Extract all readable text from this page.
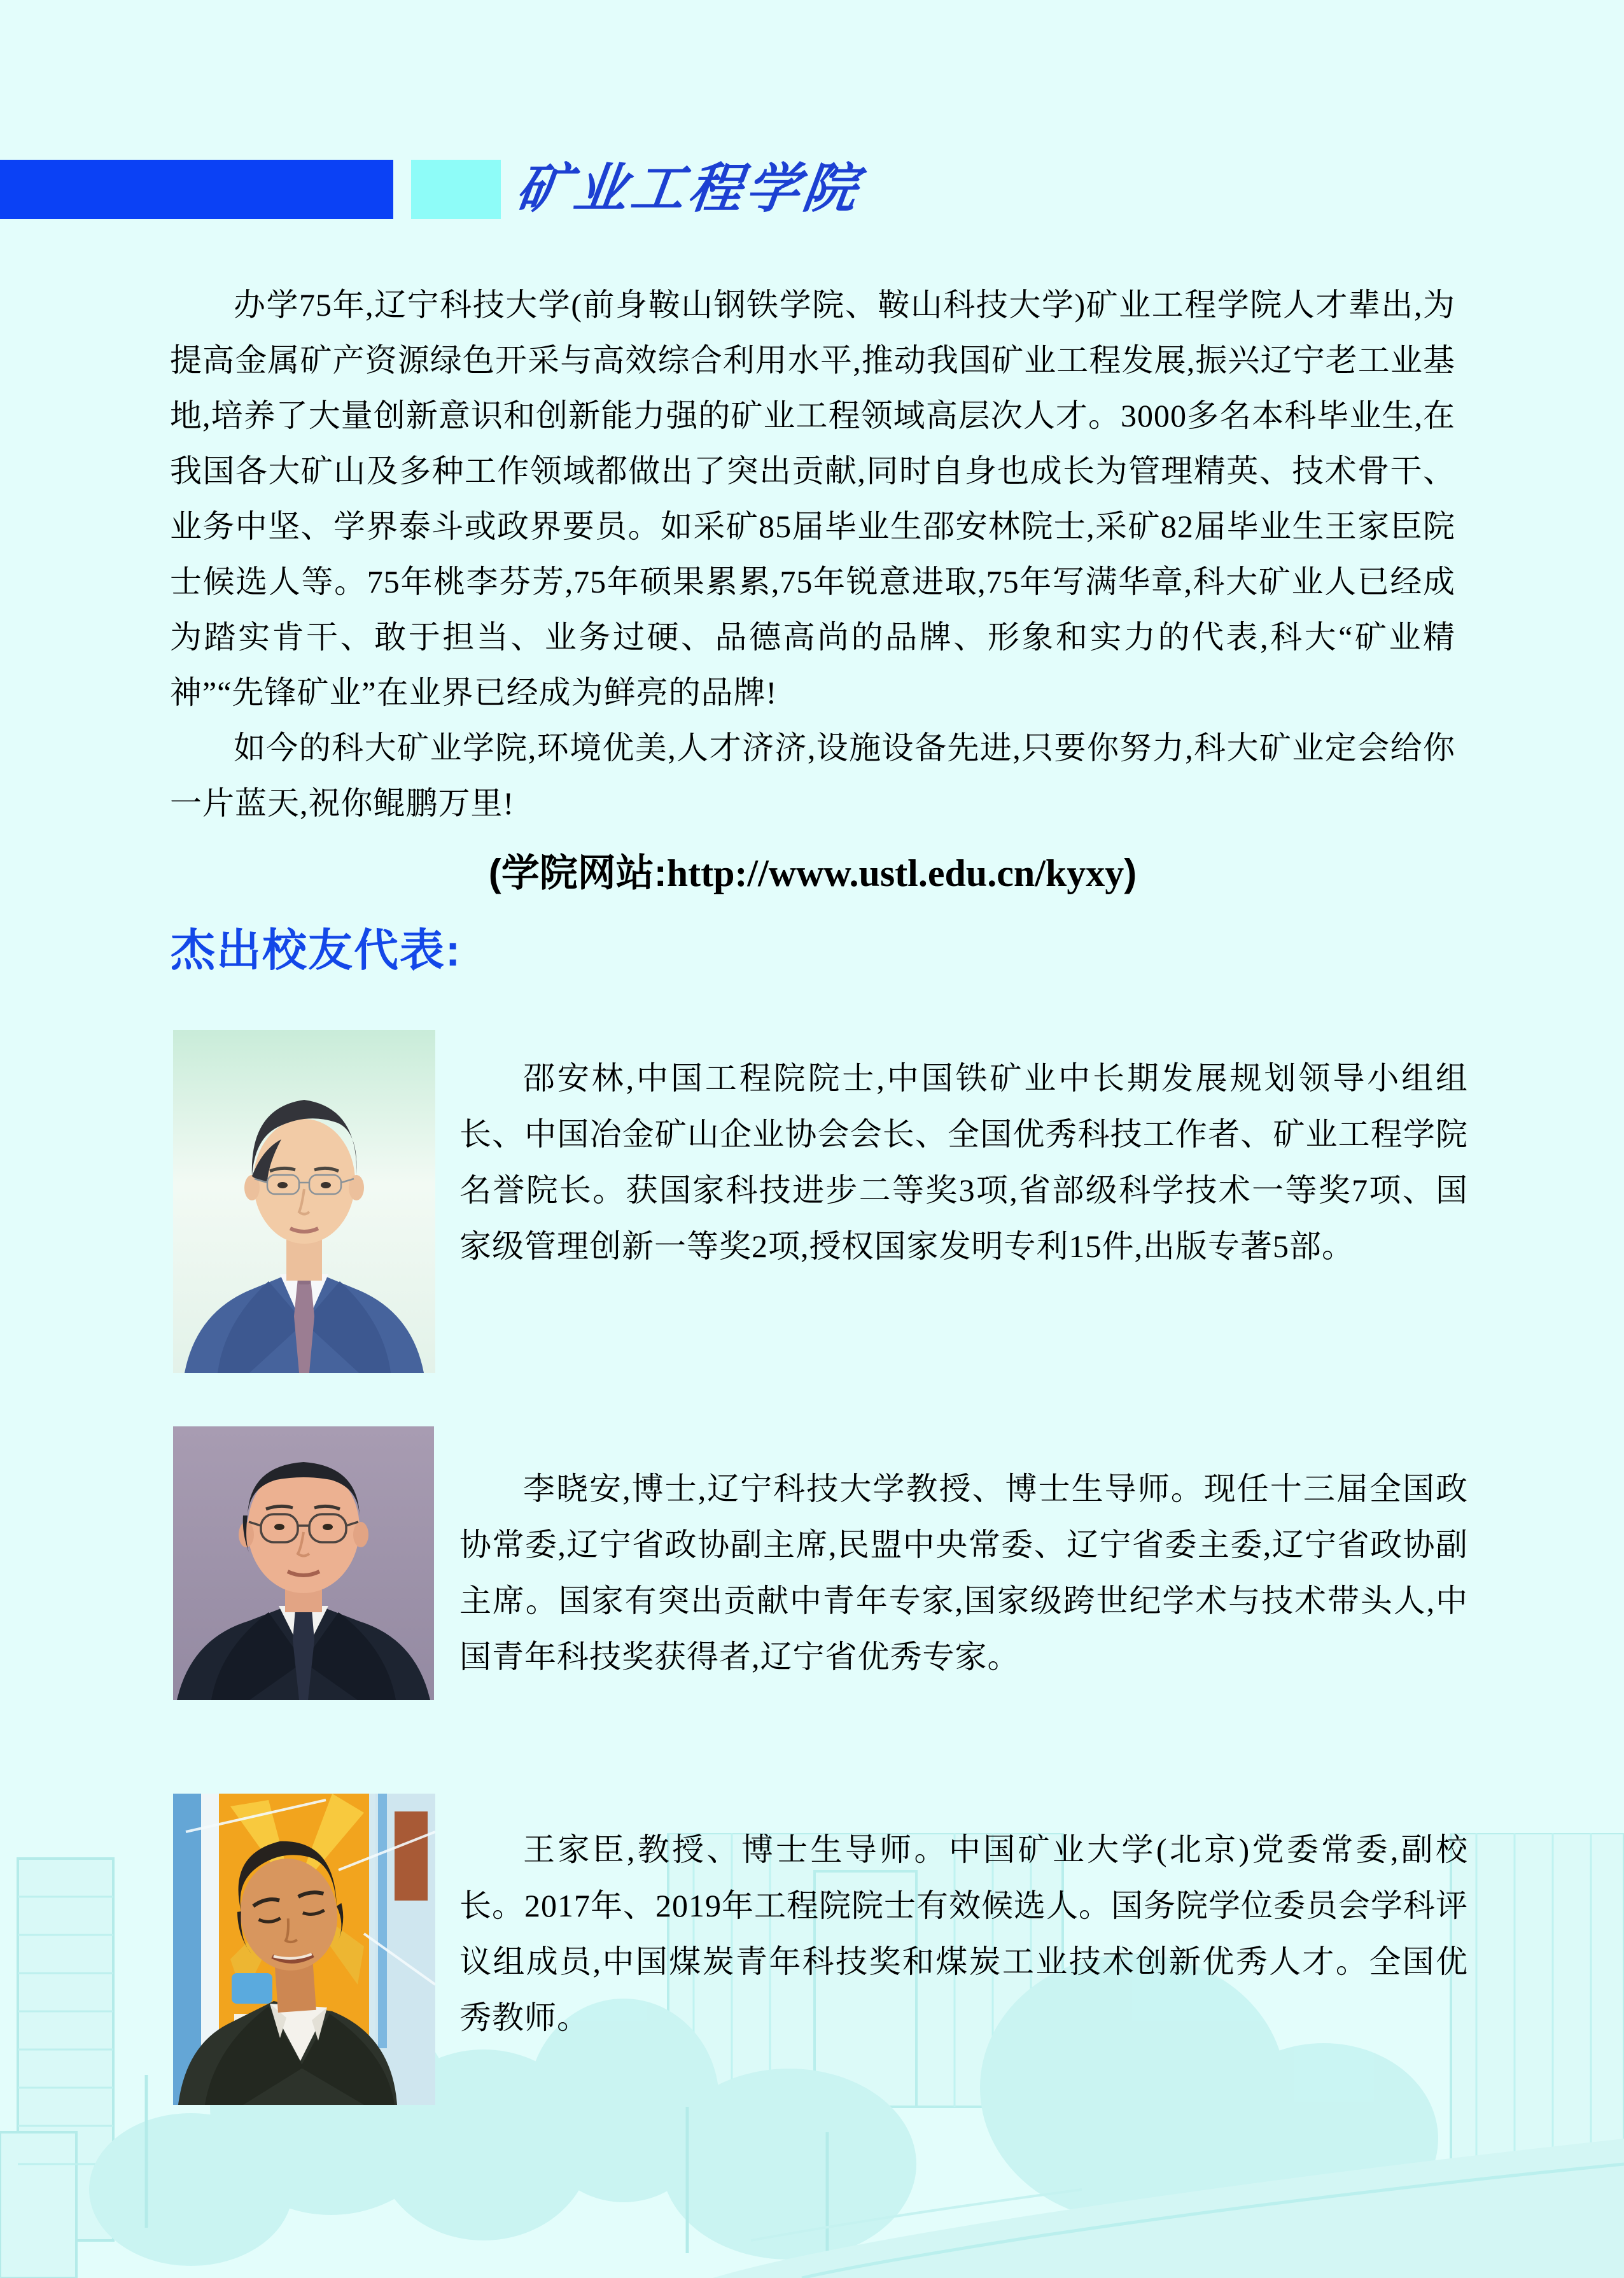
矿业工程学院

办学75年,辽宁科技大学(前身鞍山钢铁学院、鞍山科技大学)矿业工程学院人才辈出,为提高金属矿产资源绿色开采与高效综合利用水平,推动我国矿业工程发展,振兴辽宁老工业基地,培养了大量创新意识和创新能力强的矿业工程领域高层次人才。3000多名本科毕业生,在我国各大矿山及多种工作领域都做出了突出贡献,同时自身也成长为管理精英、技术骨干、业务中坚、学界泰斗或政界要员。如采矿85届毕业生邵安林院士,采矿82届毕业生王家臣院士候选人等。75年桃李芬芳,75年硕果累累,75年锐意进取,75年写满华章,科大矿业人已经成为踏实肯干、敢于担当、业务过硬、品德高尚的品牌、形象和实力的代表,科大“矿业精神”“先锋矿业”在业界已经成为鲜亮的品牌!

如今的科大矿业学院,环境优美,人才济济,设施设备先进,只要你努力,科大矿业定会给你一片蓝天,祝你鲲鹏万里!

(学院网站:http://www.ustl.edu.cn/kyxy)

杰出校友代表:

邵安林,中国工程院院士,中国铁矿业中长期发展规划领导小组组长、中国冶金矿山企业协会会长、全国优秀科技工作者、矿业工程学院名誉院长。获国家科技进步二等奖3项,省部级科学技术一等奖7项、国家级管理创新一等奖2项,授权国家发明专利15件,出版专著5部。

李晓安,博士,辽宁科技大学教授、博士生导师。现任十三届全国政协常委,辽宁省政协副主席,民盟中央常委、辽宁省委主委,辽宁省政协副主席。国家有突出贡献中青年专家,国家级跨世纪学术与技术带头人,中国青年科技奖获得者,辽宁省优秀专家。

王家臣,教授、博士生导师。中国矿业大学(北京)党委常委,副校长。2017年、2019年工程院院士有效候选人。国务院学位委员会学科评议组成员,中国煤炭青年科技奖和煤炭工业技术创新优秀人才。全国优秀教师。
